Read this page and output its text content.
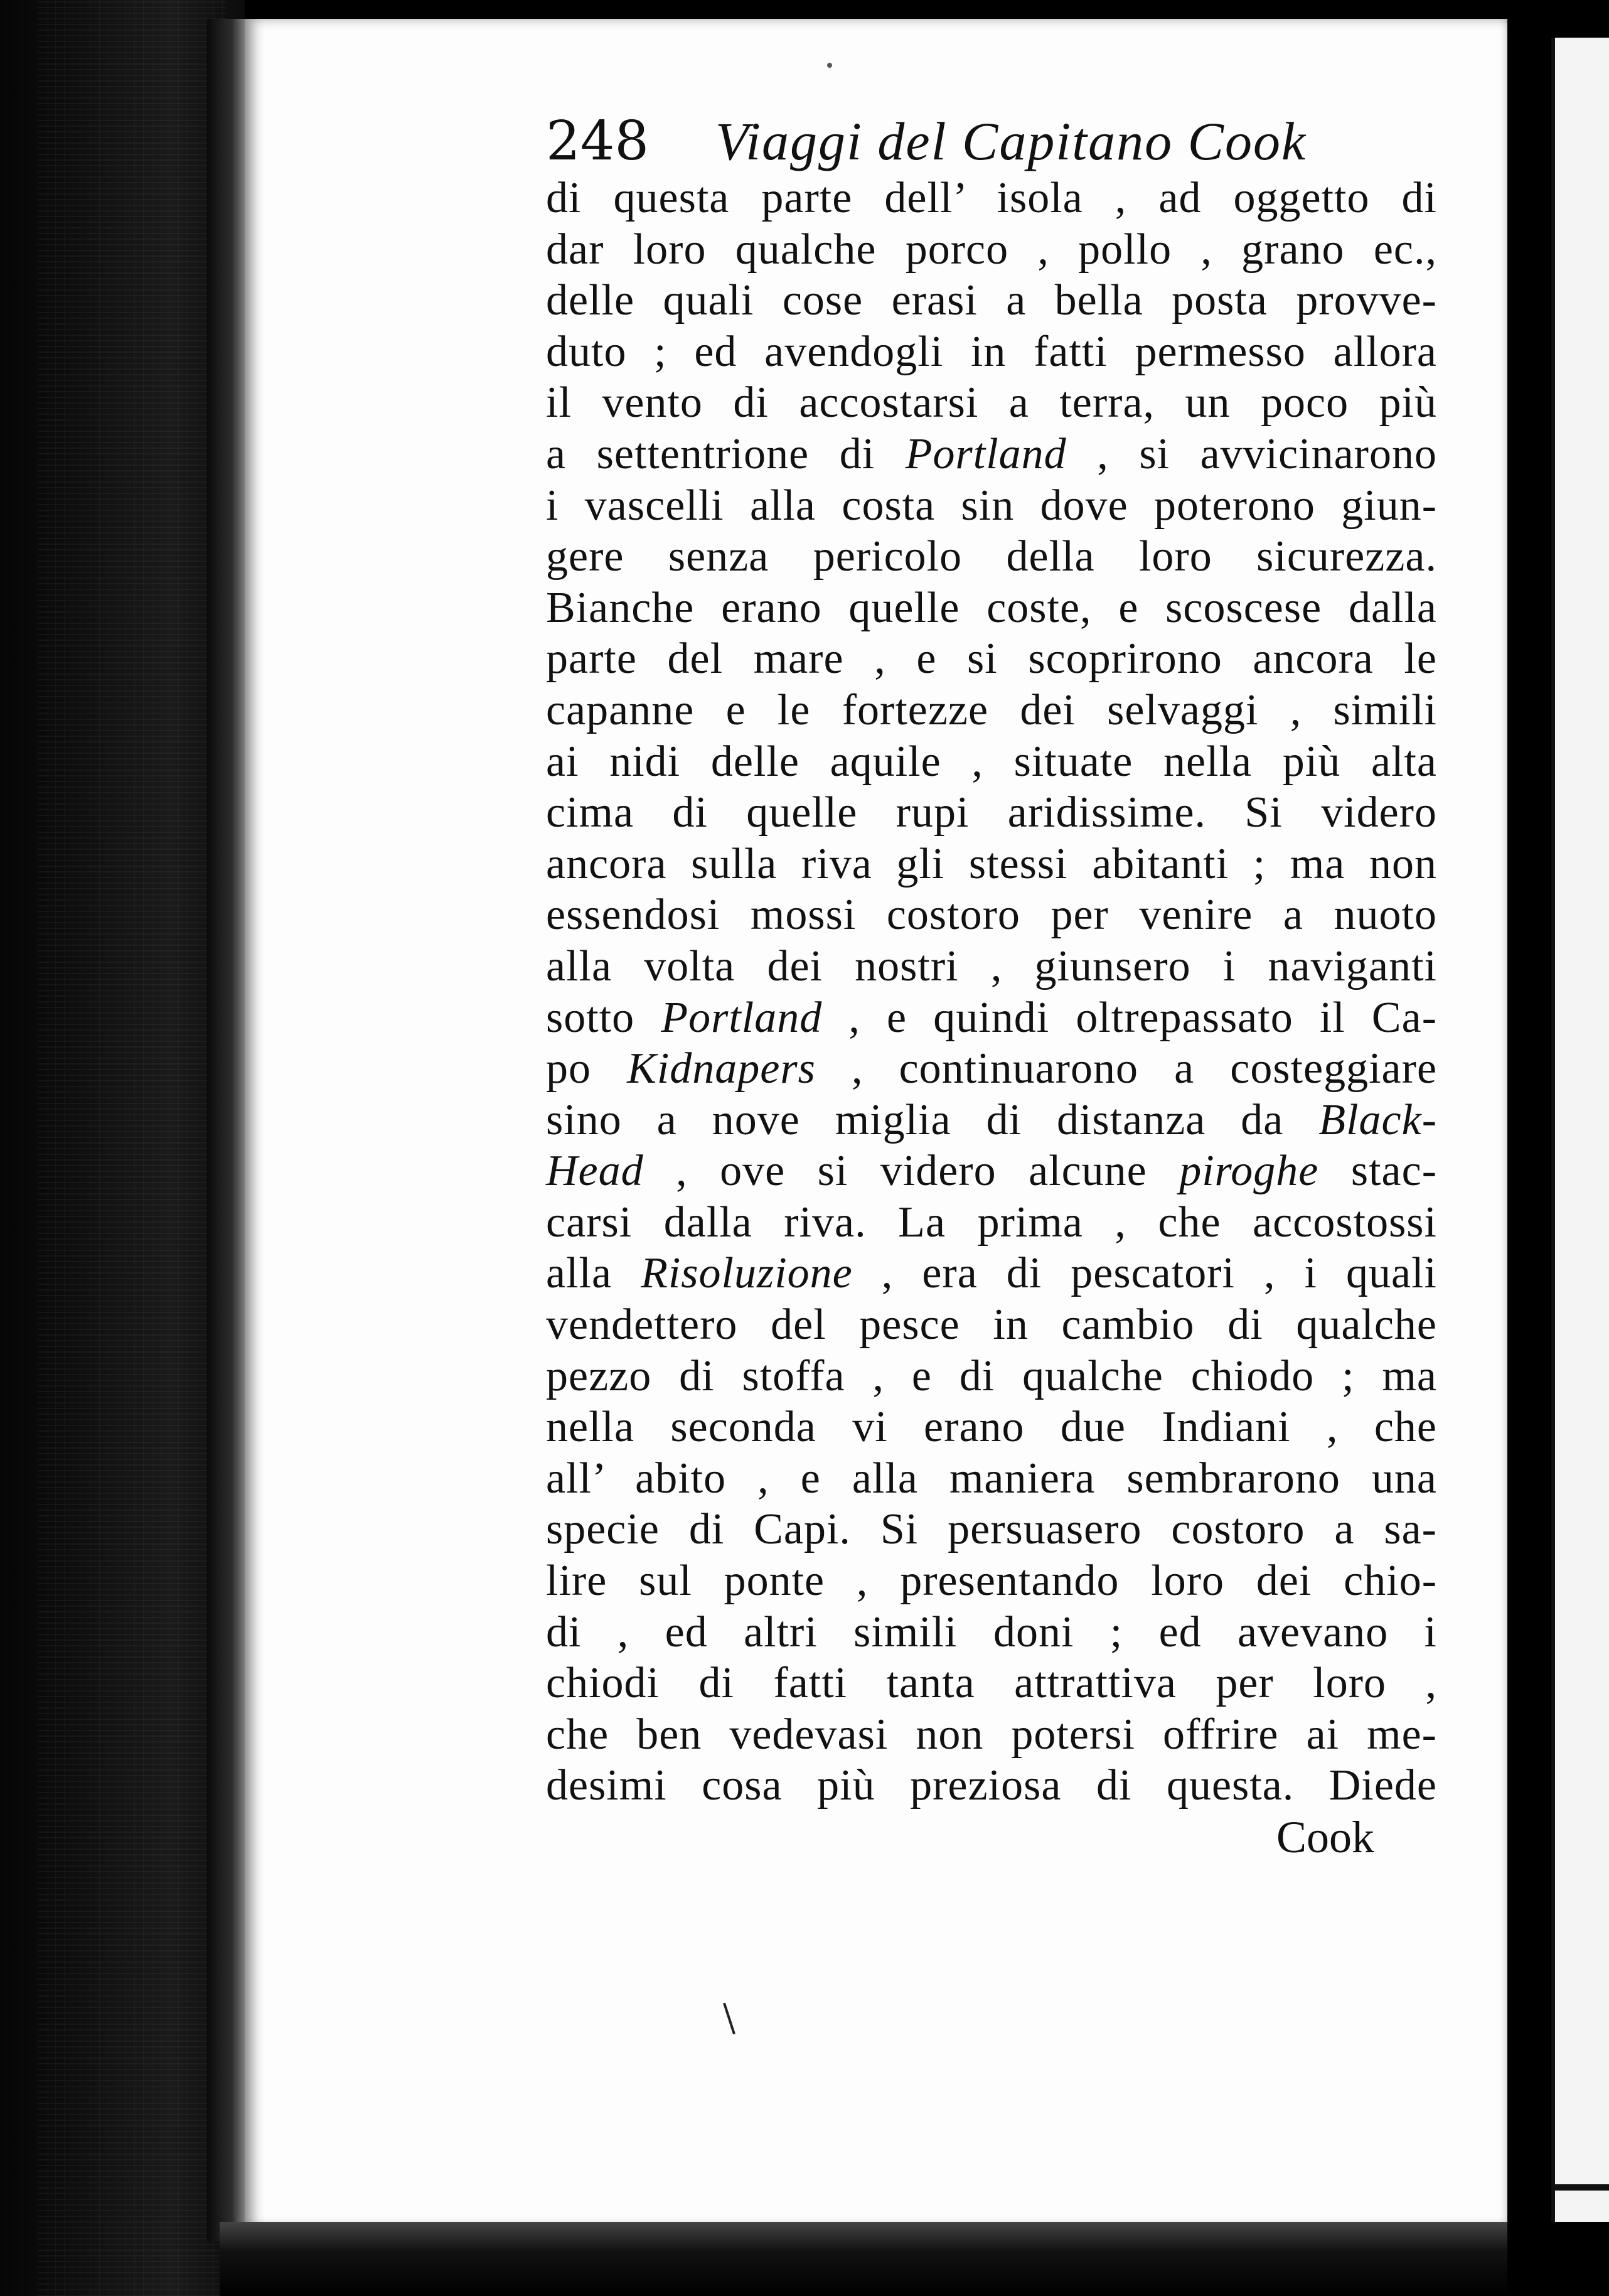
248	Viaggi del Capitano Cook
di questa parte dell’ isola , ad oggetto di
dar loro qualche porco , pollo , grano ec.,
delle quali cose erasi a bella posta provve-
duto ; ed avendogli in fatti permesso allora
il vento di accostarsi a terra, un poco più
a settentrione di Portland , si avvicinarono
i vascelli alla costa sin dove poterono giun-
gere senza pericolo della loro sicurezza.
Bianche erano quelle coste, e scoscese dalla
parte del mare , e si scoprirono ancora le
capanne e le fortezze dei selvaggi , simili
ai nidi delle aquile , situate nella più alta
cima di quelle rupi aridissime. Si videro
ancora sulla riva gli stessi abitanti ; ma non
essendosi mossi costoro per venire a nuoto
alla volta dei nostri , giunsero i naviganti
sotto Portland , e quindi oltrepassato il Ca-
po Kidnapers , continuarono a costeggiare
sino a nove miglia di distanza da Black-
Head , ove si videro alcune piroghe stac-
carsi dalla riva. La prima , che accostossi
alla Risoluzione , era di pescatori , i quali
vendettero del pesce in cambio di qualche
pezzo di stoffa , e di qualche chiodo ; ma
nella seconda vi erano due Indiani , che
all’ abito , e alla maniera sembrarono una
specie di Capi. Si persuasero costoro a sa-
lire sul ponte , presentando loro dei chio-
di , ed altri simili doni ; ed avevano i
chiodi di fatti tanta attrattiva per loro ,
che ben vedevasi non potersi offrire ai me-
desimi cosa più preziosa di questa. Diede
Cook
